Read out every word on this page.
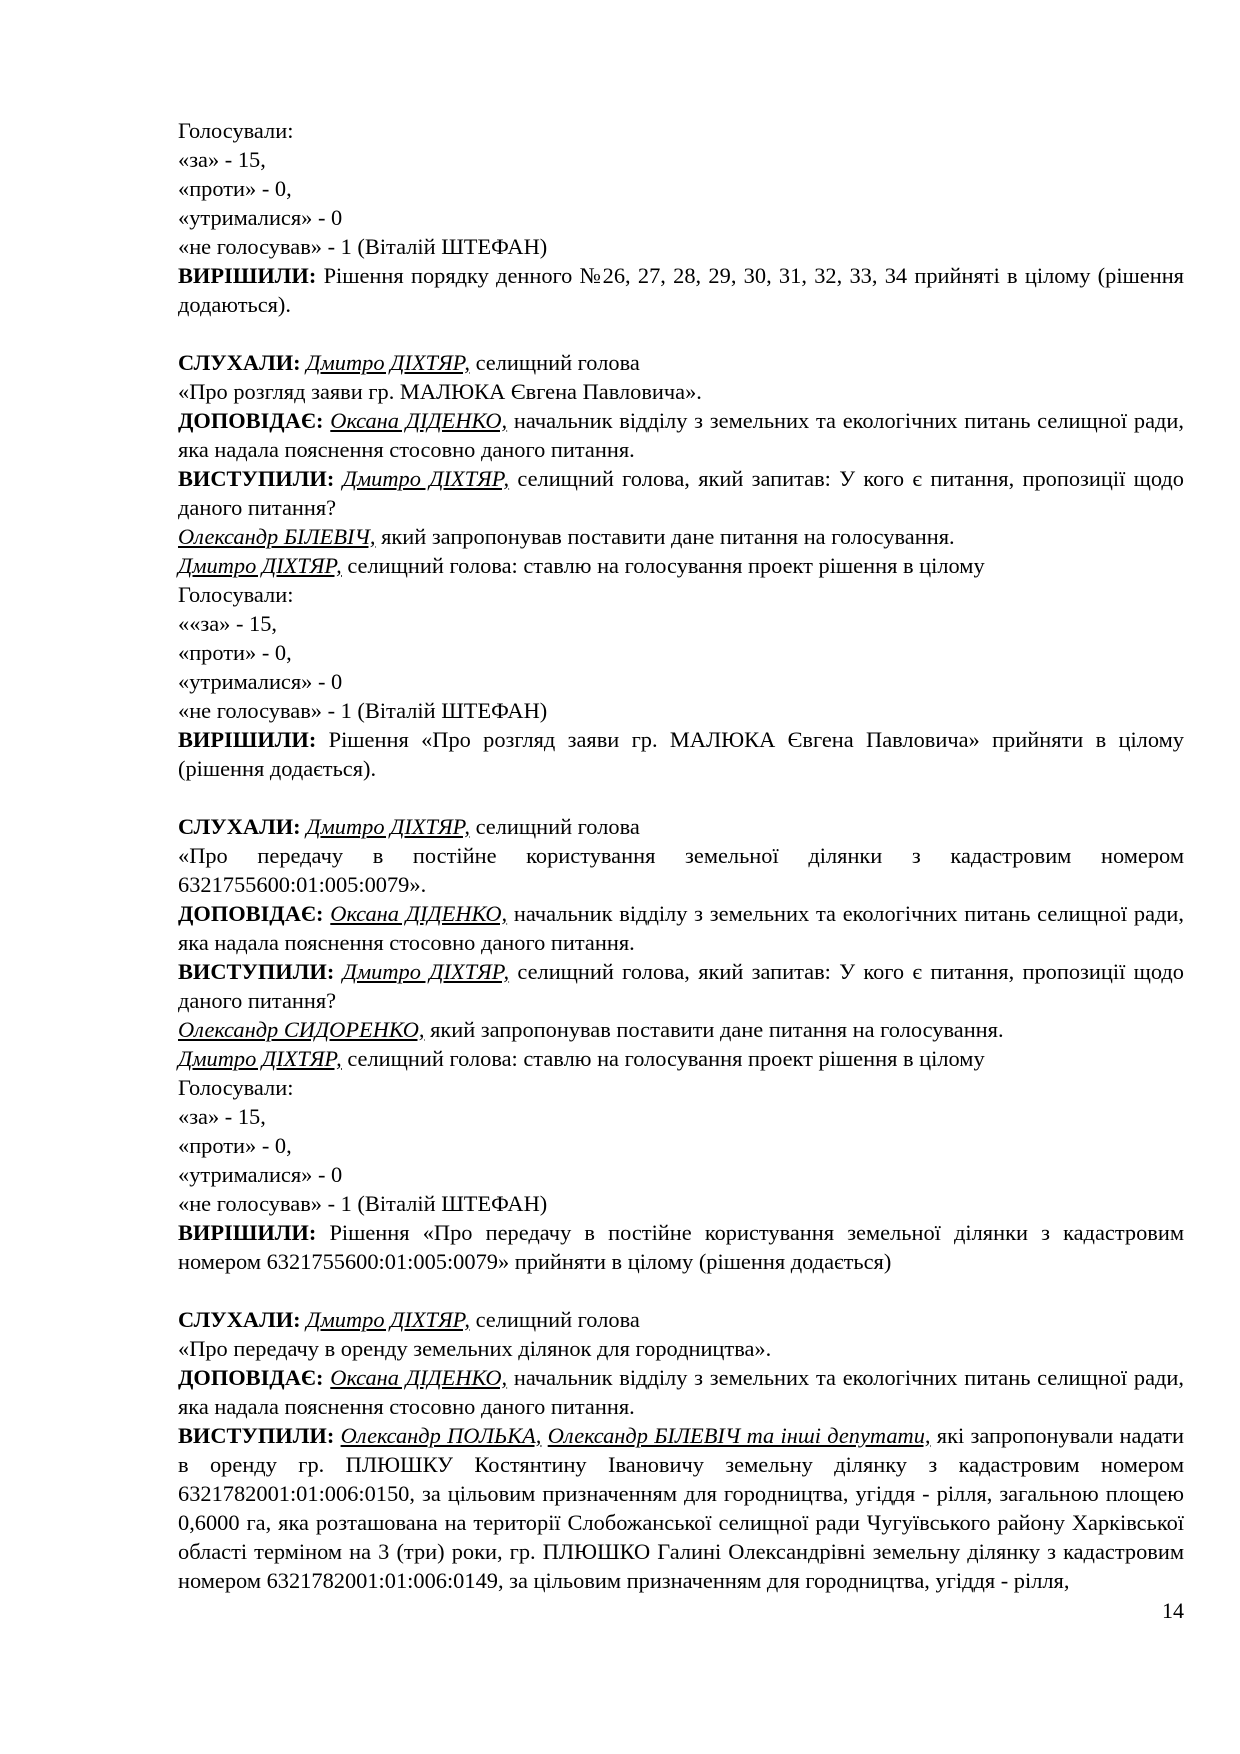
Голосували:

«за» - 15,

«проти» - 0,

«утрималися» - 0

«не голосував» - 1 (Віталій ШТЕФАН)

ВИРІШИЛИ: Рішення порядку денного №26, 27, 28, 29, 30, 31, 32, 33, 34 прийняті в цілому (рішення додаються).

СЛУХАЛИ: Дмитро ДІХТЯР, селищний голова

«Про розгляд заяви гр. МАЛЮКА Євгена Павловича».

ДОПОВІДАЄ: Оксана ДІДЕНКО, начальник відділу з земельних та екологічних питань селищної ради, яка надала пояснення стосовно даного питання.

ВИСТУПИЛИ: Дмитро ДІХТЯР, селищний голова, який запитав: У кого є питання, пропозиції щодо даного питання?

Олександр БІЛЕВІЧ, який запропонував поставити дане питання на голосування.

Дмитро ДІХТЯР, селищний голова: ставлю на голосування проект рішення в цілому

Голосували:

««за» - 15,

«проти» - 0,

«утрималися» - 0

«не голосував» - 1 (Віталій ШТЕФАН)

ВИРІШИЛИ: Рішення «Про розгляд заяви гр. МАЛЮКА Євгена Павловича» прийняти в цілому (рішення додається).

СЛУХАЛИ: Дмитро ДІХТЯР, селищний голова

«Про передачу в постійне користування земельної ділянки з кадастровим номером 6321755600:01:005:0079».

ДОПОВІДАЄ: Оксана ДІДЕНКО, начальник відділу з земельних та екологічних питань селищної ради, яка надала пояснення стосовно даного питання.

ВИСТУПИЛИ: Дмитро ДІХТЯР, селищний голова, який запитав: У кого є питання, пропозиції щодо даного питання?

Олександр СИДОРЕНКО, який запропонував поставити дане питання на голосування.

Дмитро ДІХТЯР, селищний голова: ставлю на голосування проект рішення в цілому

Голосували:

«за» - 15,

«проти» - 0,

«утрималися» - 0

«не голосував» - 1 (Віталій ШТЕФАН)

ВИРІШИЛИ: Рішення «Про передачу в постійне користування земельної ділянки з кадастровим номером 6321755600:01:005:0079» прийняти в цілому (рішення додається)

СЛУХАЛИ: Дмитро ДІХТЯР, селищний голова

«Про передачу в оренду земельних ділянок для городництва».

ДОПОВІДАЄ: Оксана ДІДЕНКО, начальник відділу з земельних та екологічних питань селищної ради, яка надала пояснення стосовно даного питання.

ВИСТУПИЛИ: Олександр ПОЛЬКА, Олександр БІЛЕВІЧ та інші депутати, які запропонували надати в оренду гр. ПЛЮШКУ Костянтину Івановичу земельну ділянку з кадастровим номером 6321782001:01:006:0150, за цільовим призначенням для городництва, угіддя - рілля, загальною площею 0,6000 га, яка розташована на території Слобожанської селищної ради Чугуївського району Харківської області терміном на 3 (три) роки, гр. ПЛЮШКО Галині Олександрівні земельну ділянку з кадастровим номером 6321782001:01:006:0149, за цільовим призначенням для городництва, угіддя - рілля,

14
